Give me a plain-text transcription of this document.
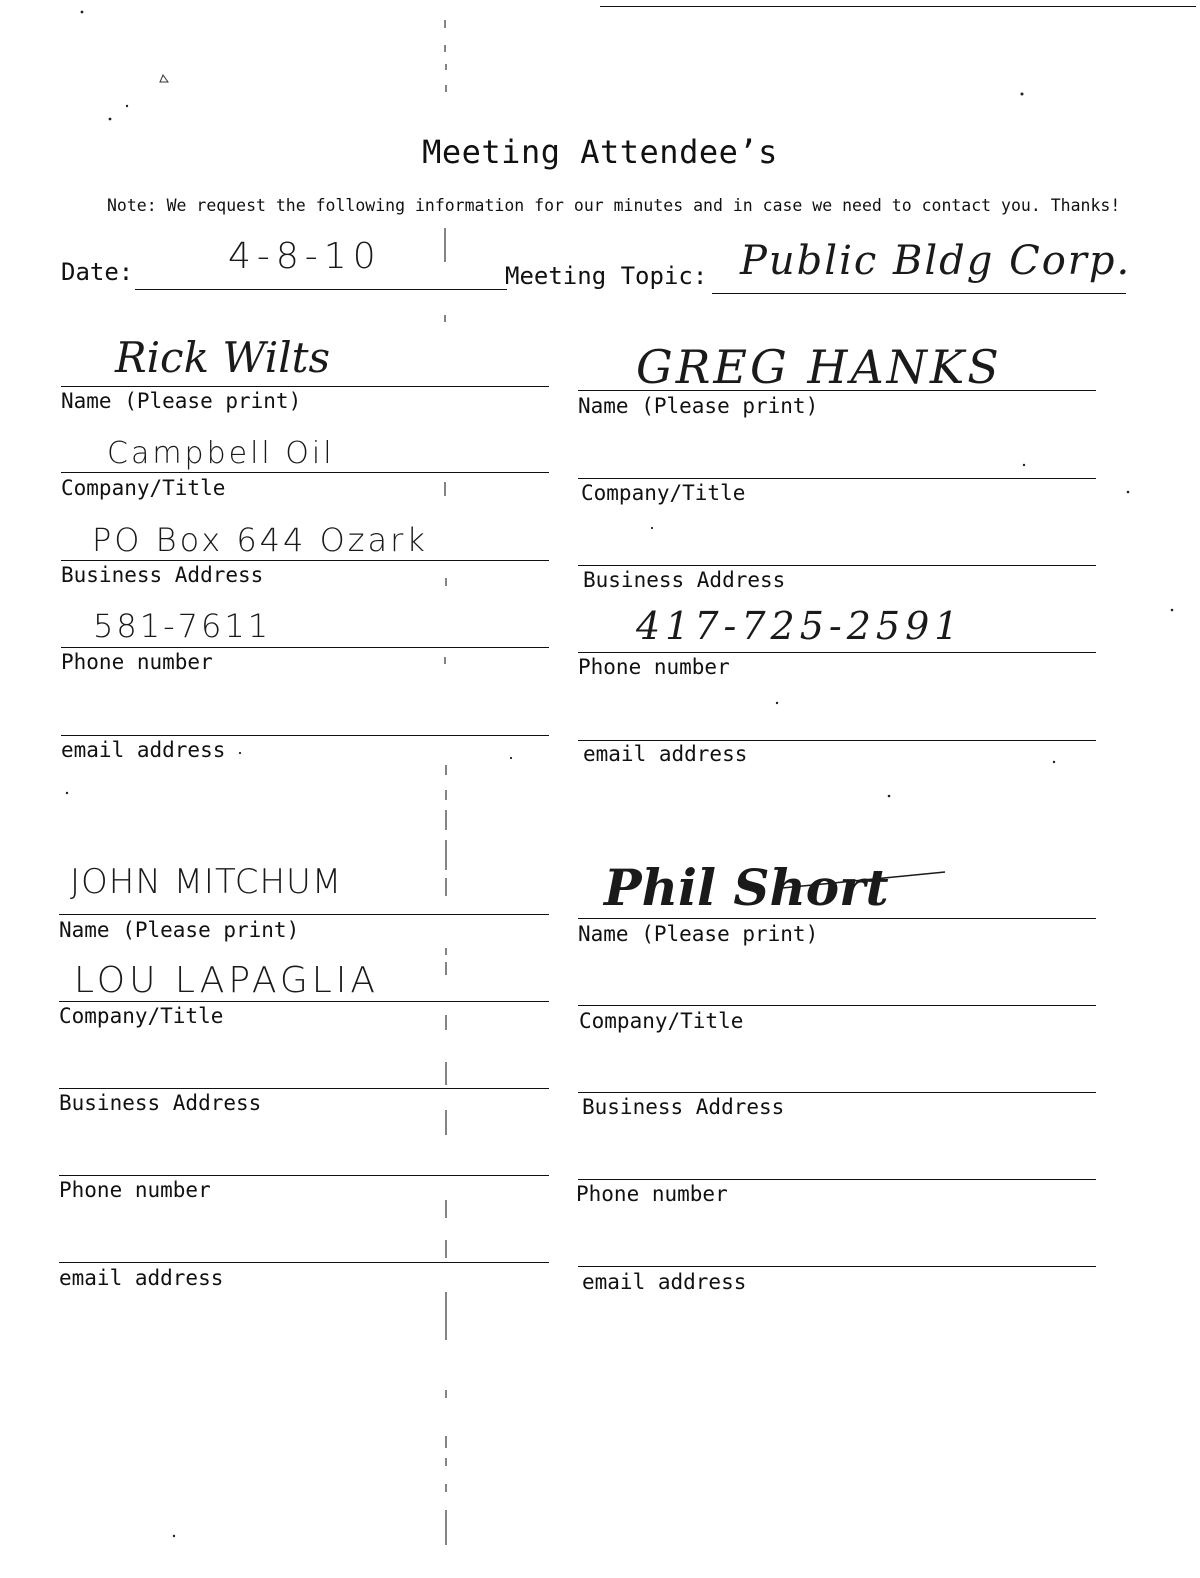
Meeting Attendee’s
Note: We request the following information for our minutes and in case we need to contact you. Thanks!
Date:	4-8-10	Meeting Topic: Public Bldg Corp.
Rick Wilts
Name (Please print)
Campbell Oil
Company/Title
PO Box 644 Ozark
Business Address
581-7611
Phone number
email address
GREG HANKS
Name (Please print)
Company/Title
Business Address
417-725-2591
Phone number
email address
JOHN MITCHUM
Name (Please print)
LOU LAPAGLIA
Company/Title
Business Address
Phone number
email address
Phil Short
Name (Please print)
Company/Title
Business Address
Phone number
email address
